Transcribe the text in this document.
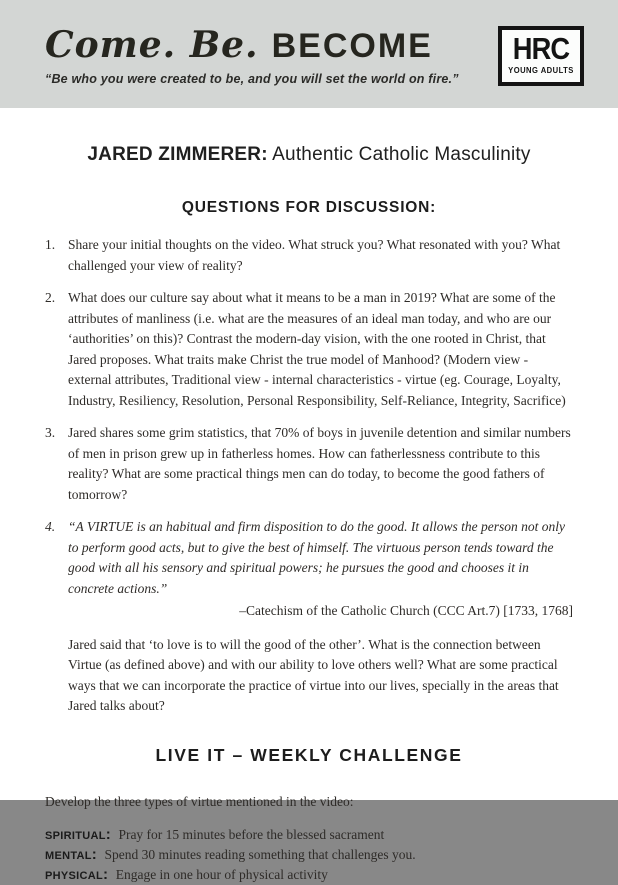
Come. Be. BECOME
“Be who you were created to be, and you will set the world on fire.”
HRC
YOUNG ADULTS
JARED ZIMMERER: Authentic Catholic Masculinity
QUESTIONS FOR DISCUSSION:
1. Share your initial thoughts on the video. What struck you? What resonated with you? What challenged your view of reality?
2. What does our culture say about what it means to be a man in 2019? What are some of the attributes of manliness (i.e. what are the measures of an ideal man today, and who are our ‘authorities’ on this)? Contrast the modern-day vision, with the one rooted in Christ, that Jared proposes. What traits make Christ the true model of Manhood? (Modern view - external attributes, Traditional view - internal characteristics - virtue (eg. Courage, Loyalty, Industry, Resiliency, Resolution, Personal Responsibility, Self-Reliance, Integrity, Sacrifice)
3. Jared shares some grim statistics, that 70% of boys in juvenile detention and similar numbers of men in prison grew up in fatherless homes. How can fatherlessness contribute to this reality? What are some practical things men can do today, to become the good fathers of tomorrow?
4. “A VIRTUE is an habitual and firm disposition to do the good. It allows the person not only to perform good acts, but to give the best of himself. The virtuous person tends toward the good with all his sensory and spiritual powers; he pursues the good and chooses it in concrete actions.”
–Catechism of the Catholic Church (CCC Art.7) [1733, 1768]
Jared said that ‘to love is to will the good of the other’. What is the connection between Virtue (as defined above) and with our ability to love others well? What are some practical ways that we can incorporate the practice of virtue into our lives, specially in the areas that Jared talks about?
LIVE IT – WEEKLY CHALLENGE

Develop the three types of virtue mentioned in the video:

spiritual: Pray for 15 minutes before the blessed sacrament
mental: Spend 30 minutes reading something that challenges you.
physical: Engage in one hour of physical activity
